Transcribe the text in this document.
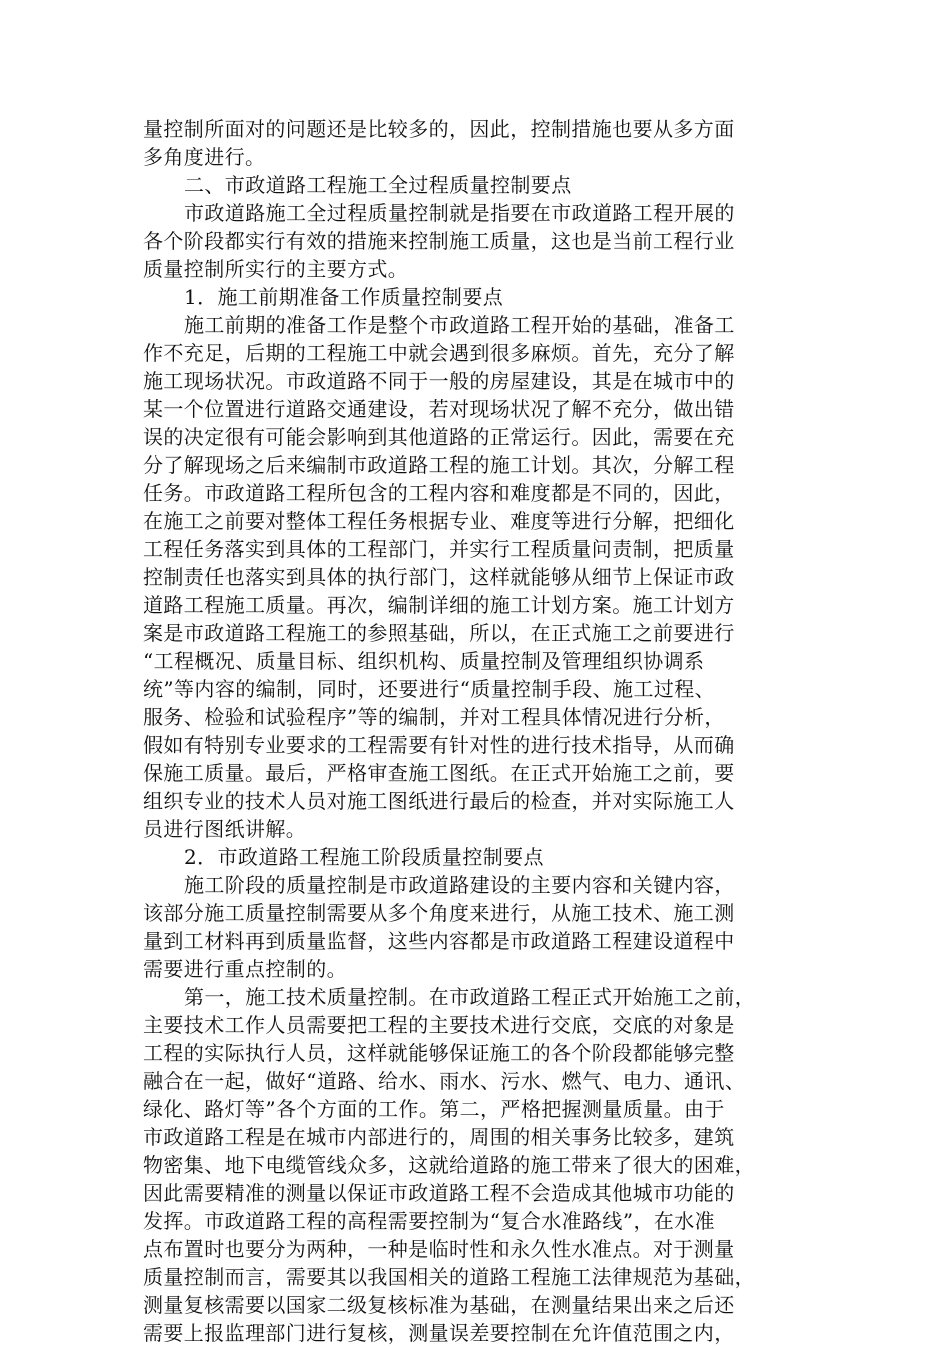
量控制所面对的问题还是比较多的，因此，控制措施也要从多方面
多角度进行。
二、市政道路工程施工全过程质量控制要点
市政道路施工全过程质量控制就是指要在市政道路工程开展的
各个阶段都实行有效的措施来控制施工质量，这也是当前工程行业
质量控制所实行的主要方式。
1．施工前期准备工作质量控制要点
施工前期的准备工作是整个市政道路工程开始的基础，准备工
作不充足，后期的工程施工中就会遇到很多麻烦。首先，充分了解
施工现场状况。市政道路不同于一般的房屋建设，其是在城市中的
某一个位置进行道路交通建设，若对现场状况了解不充分，做出错
误的决定很有可能会影响到其他道路的正常运行。因此，需要在充
分了解现场之后来编制市政道路工程的施工计划。其次，分解工程
任务。市政道路工程所包含的工程内容和难度都是不同的，因此，
在施工之前要对整体工程任务根据专业、难度等进行分解，把细化
工程任务落实到具体的工程部门，并实行工程质量问责制，把质量
控制责任也落实到具体的执行部门，这样就能够从细节上保证市政
道路工程施工质量。再次，编制详细的施工计划方案。施工计划方
案是市政道路工程施工的参照基础，所以，在正式施工之前要进行
“工程概况、质量目标、组织机构、质量控制及管理组织协调系
统”等内容的编制，同时，还要进行“质量控制手段、施工过程、
服务、检验和试验程序”等的编制，并对工程具体情况进行分析，
假如有特别专业要求的工程需要有针对性的进行技术指导，从而确
保施工质量。最后，严格审查施工图纸。在正式开始施工之前，要
组织专业的技术人员对施工图纸进行最后的检查，并对实际施工人
员进行图纸讲解。
2．市政道路工程施工阶段质量控制要点
施工阶段的质量控制是市政道路建设的主要内容和关键内容，
该部分施工质量控制需要从多个角度来进行，从施工技术、施工测
量到工材料再到质量监督，这些内容都是市政道路工程建设道程中
需要进行重点控制的。
第一，施工技术质量控制。在市政道路工程正式开始施工之前，
主要技术工作人员需要把工程的主要技术进行交底，交底的对象是
工程的实际执行人员，这样就能够保证施工的各个阶段都能够完整
融合在一起，做好“道路、给水、雨水、污水、燃气、电力、通讯、
绿化、路灯等”各个方面的工作。第二，严格把握测量质量。由于
市政道路工程是在城市内部进行的，周围的相关事务比较多，建筑
物密集、地下电缆管线众多，这就给道路的施工带来了很大的困难，
因此需要精准的测量以保证市政道路工程不会造成其他城市功能的
发挥。市政道路工程的高程需要控制为“复合水准路线”，在水准
点布置时也要分为两种，一种是临时性和永久性水准点。对于测量
质量控制而言，需要其以我国相关的道路工程施工法律规范为基础，
测量复核需要以国家二级复核标准为基础，在测量结果出来之后还
需要上报监理部门进行复核，测量误差要控制在允许值范围之内，
